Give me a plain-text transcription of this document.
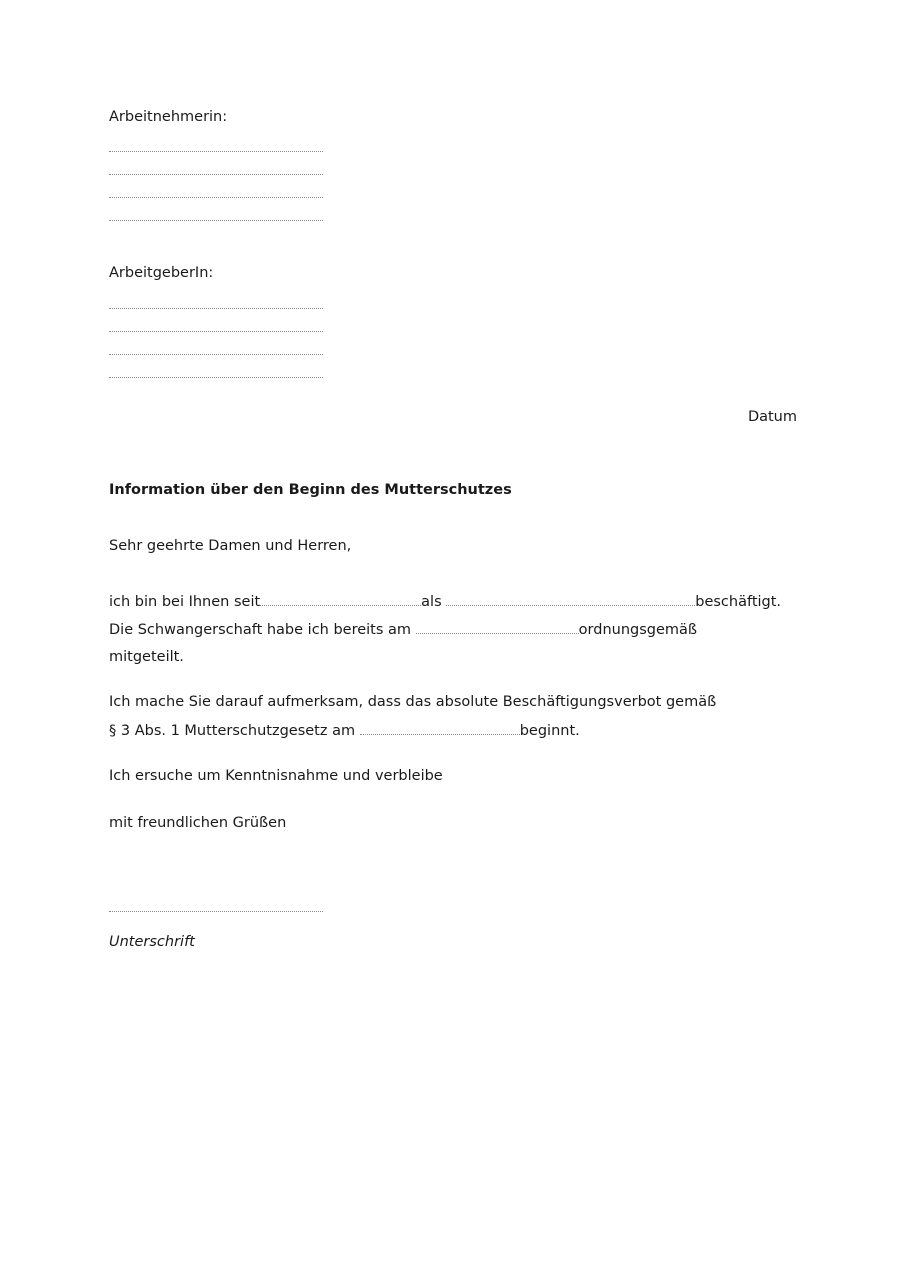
Arbeitnehmerin:
ArbeitgeberIn:
Datum
Information über den Beginn des Mutterschutzes
Sehr geehrte Damen und Herren,
ich bin bei Ihnen seit	als	beschäftigt.
Die Schwangerschaft habe ich bereits am	ordnungsgemäß
mitgeteilt.
Ich mache Sie darauf aufmerksam, dass das absolute Beschäftigungsverbot gemäß
§ 3 Abs. 1 Mutterschutzgesetz am	beginnt.
Ich ersuche um Kenntnisnahme und verbleibe
mit freundlichen Grüßen
Unterschrift
